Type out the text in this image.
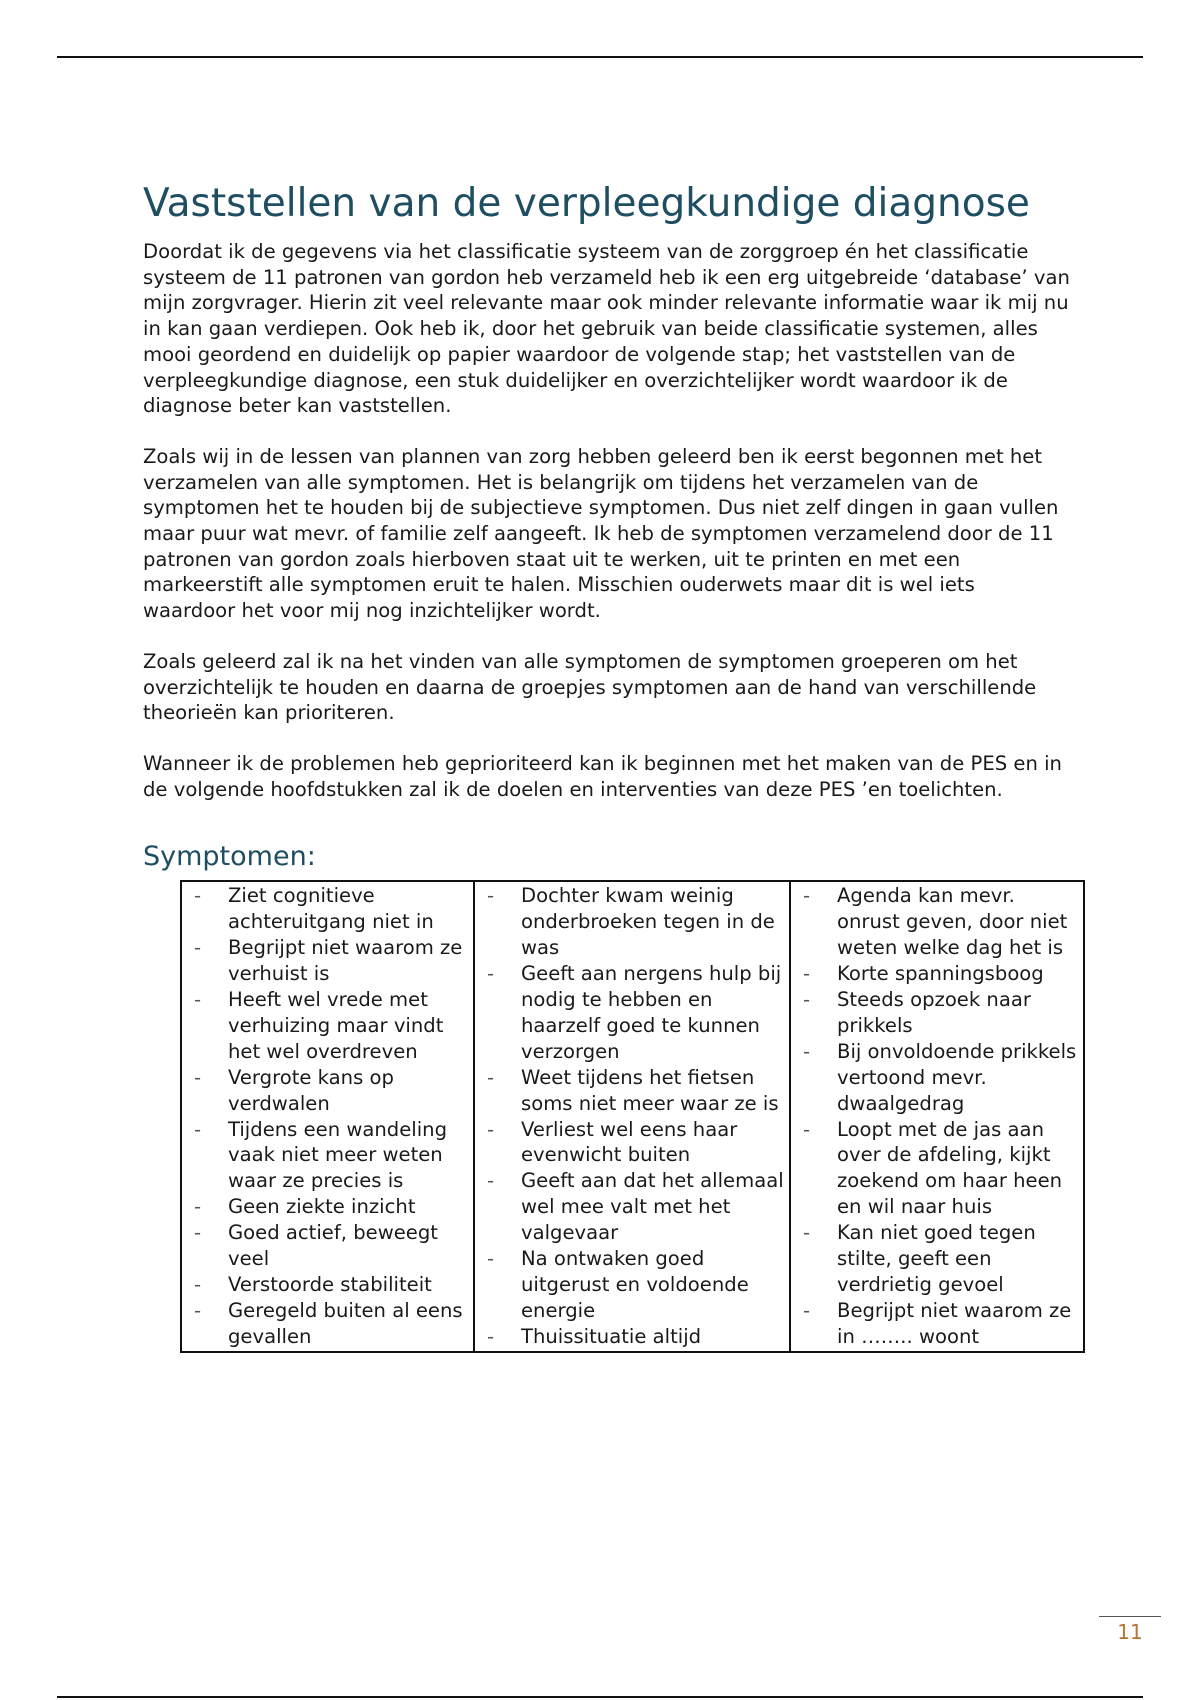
Vaststellen van de verpleegkundige diagnose

Doordat ik de gegevens via het classificatie systeem van de zorggroep én het classificatie systeem de 11 patronen van gordon heb verzameld heb ik een erg uitgebreide ‘database’ van mijn zorgvrager. Hierin zit veel relevante maar ook minder relevante informatie waar ik mij nu in kan gaan verdiepen. Ook heb ik, door het gebruik van beide classificatie systemen, alles mooi geordend en duidelijk op papier waardoor de volgende stap; het vaststellen van de verpleegkundige diagnose, een stuk duidelijker en overzichtelijker wordt waardoor ik de diagnose beter kan vaststellen.

Zoals wij in de lessen van plannen van zorg hebben geleerd ben ik eerst begonnen met het verzamelen van alle symptomen. Het is belangrijk om tijdens het verzamelen van de symptomen het te houden bij de subjectieve symptomen. Dus niet zelf dingen in gaan vullen maar puur wat mevr. of familie zelf aangeeft. Ik heb de symptomen verzamelend door de 11 patronen van gordon zoals hierboven staat uit te werken, uit te printen en met een markeerstift alle symptomen eruit te halen. Misschien ouderwets maar dit is wel iets waardoor het voor mij nog inzichtelijker wordt.

Zoals geleerd zal ik na het vinden van alle symptomen de symptomen groeperen om het overzichtelijk te houden en daarna de groepjes symptomen aan de hand van verschillende theorieën kan prioriteren.

Wanneer ik de problemen heb geprioriteerd kan ik beginnen met het maken van de PES en in de volgende hoofdstukken zal ik de doelen en interventies van deze PES ’en toelichten.

Symptomen:
- Ziet cognitieve achteruitgang niet in
- Begrijpt niet waarom ze verhuist is
- Heeft wel vrede met verhuizing maar vindt het wel overdreven
- Vergrote kans op verdwalen
- Tijdens een wandeling vaak niet meer weten waar ze precies is
- Geen ziekte inzicht
- Goed actief, beweegt veel
- Verstoorde stabiliteit
- Geregeld buiten al eens gevallen

- Dochter kwam weinig onderbroeken tegen in de was
- Geeft aan nergens hulp bij nodig te hebben en haarzelf goed te kunnen verzorgen
- Weet tijdens het fietsen soms niet meer waar ze is
- Verliest wel eens haar evenwicht buiten
- Geeft aan dat het allemaal wel mee valt met het valgevaar
- Na ontwaken goed uitgerust en voldoende energie
- Thuissituatie altijd

- Agenda kan mevr. onrust geven, door niet weten welke dag het is
- Korte spanningsboog
- Steeds opzoek naar prikkels
- Bij onvoldoende prikkels vertoond mevr. dwaalgedrag
- Loopt met de jas aan over de afdeling, kijkt zoekend om haar heen en wil naar huis
- Kan niet goed tegen stilte, geeft een verdrietig gevoel
- Begrijpt niet waarom ze in …….. woont
11
